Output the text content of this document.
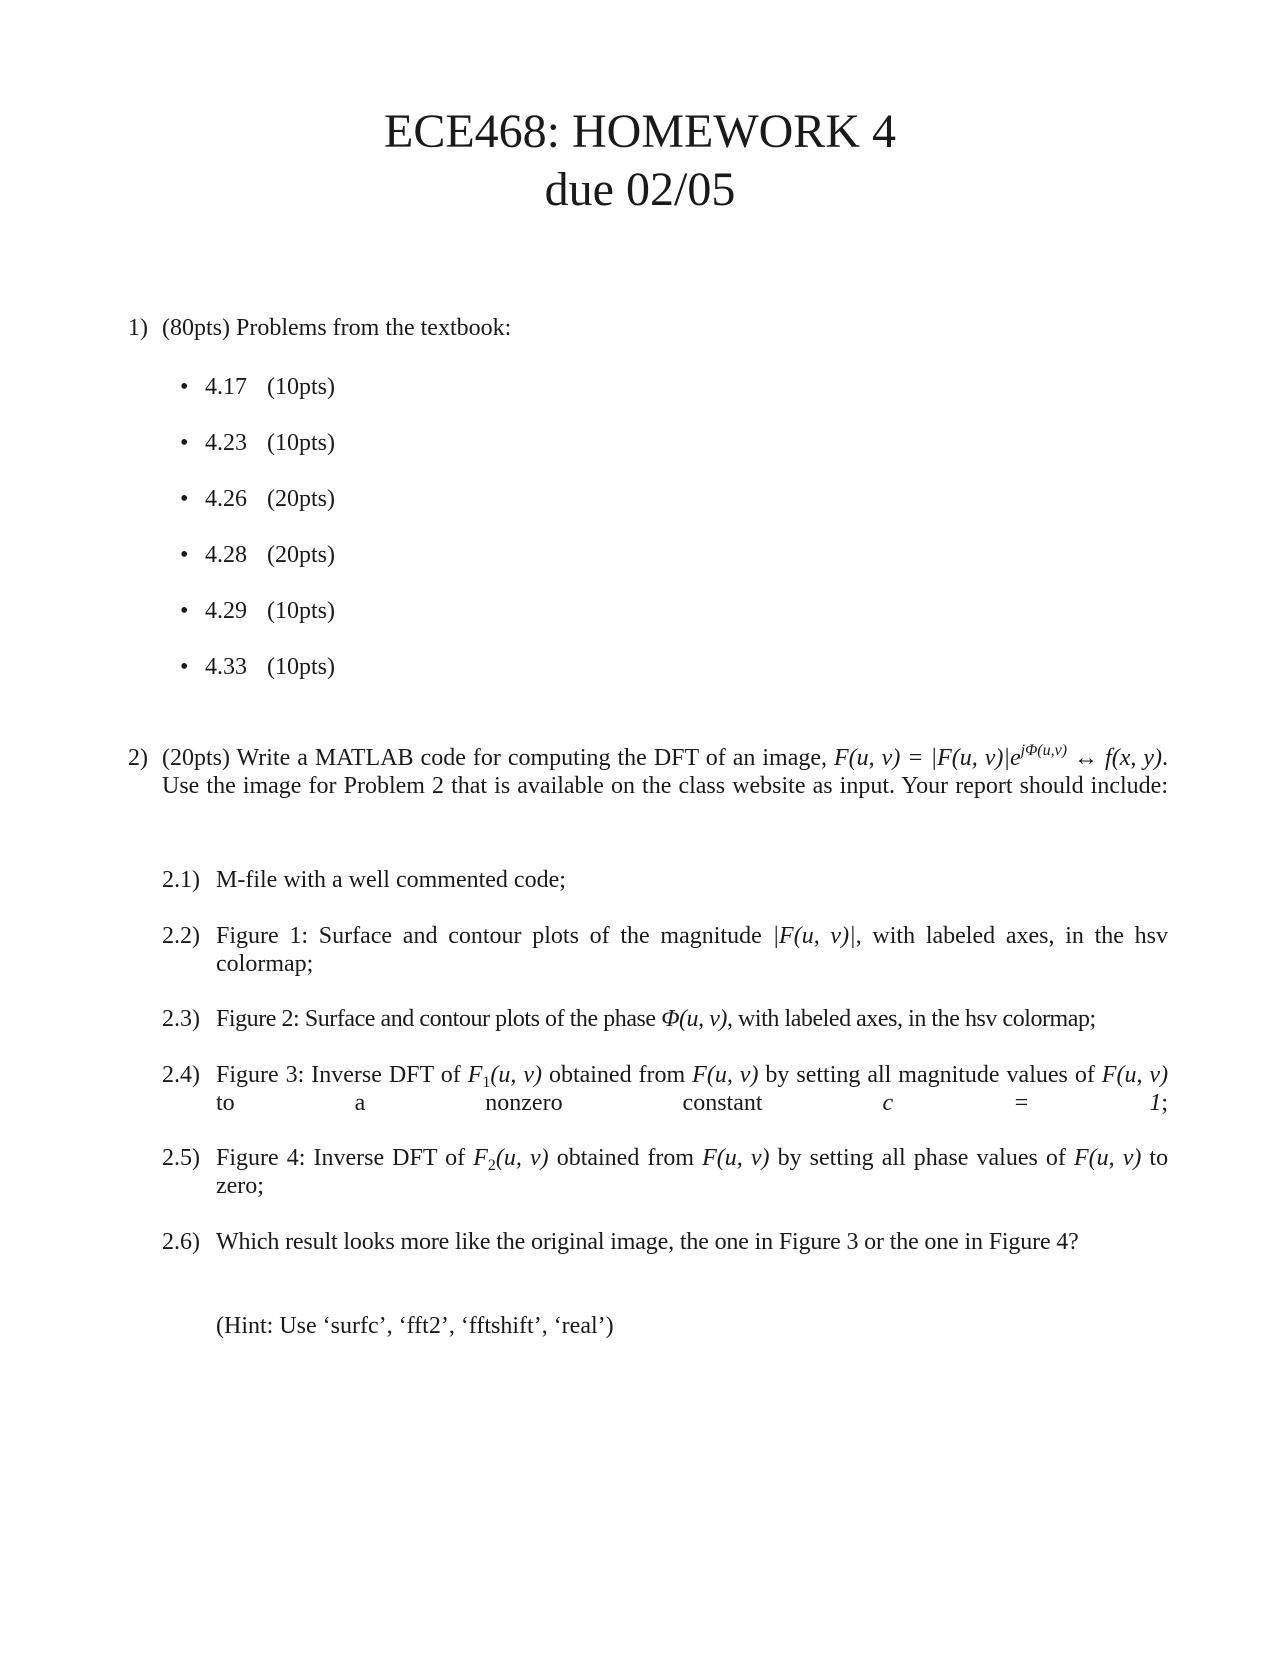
ECE468: HOMEWORK 4
due 02/05
1) (80pts) Problems from the textbook:
• 4.17 (10pts)
• 4.23 (10pts)
• 4.26 (20pts)
• 4.28 (20pts)
• 4.29 (10pts)
• 4.33 (10pts)
2) (20pts) Write a MATLAB code for computing the DFT of an image, F(u, v) = |F(u, $v)|e^{j\Phi(u,v)}$ ↔ f(x, y). Use the image for Problem 2 that is available on the class website as input. Your report should include:
2.1) M-file with a well commented code;
2.2) Figure 1: Surface and contour plots of the magnitude |F(u, v)|, with labeled axes, in the hsv colormap;
2.3) Figure 2: Surface and contour plots of the phase Φ(u, v), with labeled axes, in the hsv colormap;
2.4) Figure 3: Inverse DFT of $F_1(u$, v) obtained from F(u, v) by setting all magnitude values of F(u, v) to a nonzero constant	c = 1;
2.5) Figure 4: Inverse DFT of $F_2(u$, v) obtained from F(u, v) by setting all phase values of F(u, v) to zero;
2.6) Which result looks more like the original image, the one in Figure 3 or the one in Figure 4?
(Hint: Use ‘surfc’, ‘fft2’, ‘fftshift’, ‘real’)
